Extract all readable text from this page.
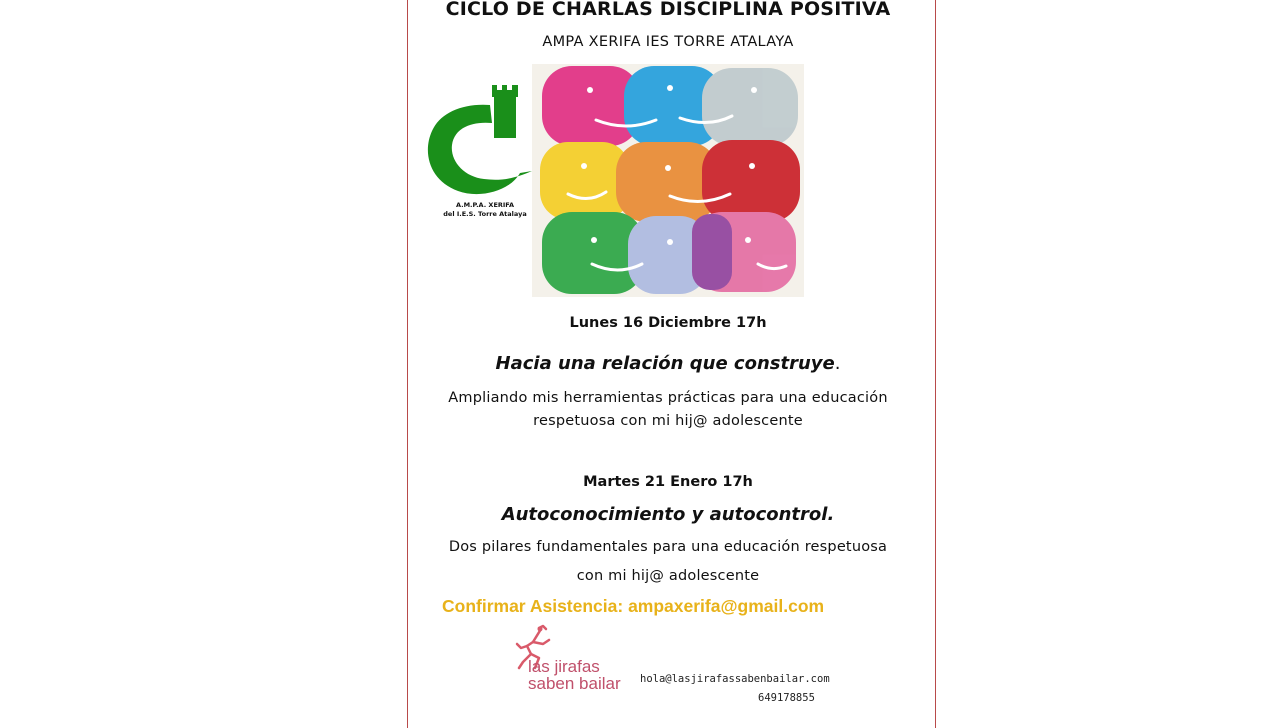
CICLO DE CHARLAS DISCIPLINA POSITIVA
AMPA XERIFA IES TORRE ATALAYA
A.M.P.A. XERIFA
del I.E.S. Torre Atalaya
Lunes 16 Diciembre 17h
Hacia una relación que construye.
Ampliando mis herramientas prácticas para una educación
respetuosa con mi hij@ adolescente
Martes 21 Enero 17h
Autoconocimiento y autocontrol.
Dos pilares fundamentales para una educación respetuosa
con mi hij@ adolescente
Confirmar Asistencia: ampaxerifa@gmail.com
las jirafas
saben bailar hola@lasjirafassabenbailar.com
649178855
